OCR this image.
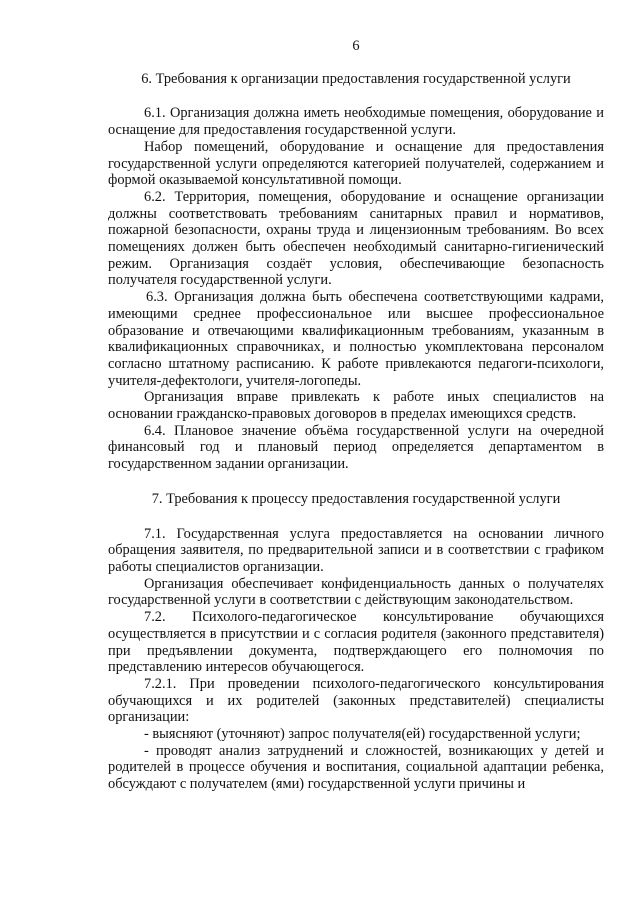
6
6. Требования к организации предоставления государственной услуги

6.1. Организация должна иметь необходимые помещения, оборудование и оснащение для предоставления государственной услуги.

Набор помещений, оборудование и оснащение для предоставления государственной услуги определяются категорией получателей, содержанием и формой оказываемой консультативной помощи.

6.2. Территория, помещения, оборудование и оснащение организации должны соответствовать требованиям санитарных правил и нормативов, пожарной безопасности, охраны труда и лицензионным требованиям. Во всех помещениях должен быть обеспечен необходимый санитарно-гигиенический режим. Организация создаёт условия, обеспечивающие безопасность получателя государственной услуги.

6.3. Организация должна быть обеспечена соответствующими кадрами, имеющими среднее профессиональное или высшее профессиональное образование и отвечающими квалификационным требованиям, указанным в квалификационных справочниках, и полностью укомплектована персоналом согласно штатному расписанию. К работе привлекаются педагоги-психологи, учителя-дефектологи, учителя-логопеды.

Организация вправе привлекать к работе иных специалистов на основании гражданско-правовых договоров в пределах имеющихся средств.

6.4. Плановое значение объёма государственной услуги на очередной финансовый год и плановый период определяется департаментом в государственном задании организации.

7. Требования к процессу предоставления государственной услуги

7.1. Государственная услуга предоставляется на основании личного обращения заявителя, по предварительной записи и в соответствии с графиком работы специалистов организации.

Организация обеспечивает конфиденциальность данных о получателях государственной услуги в соответствии с действующим законодательством.

7.2. Психолого-педагогическое консультирование обучающихся осуществляется в присутствии и с согласия родителя (законного представителя) при предъявлении документа, подтверждающего его полномочия по представлению интересов обучающегося.

7.2.1. При проведении психолого-педагогического консультирования обучающихся и их родителей (законных представителей) специалисты организации:

- выясняют (уточняют) запрос получателя(ей) государственной услуги;

- проводят анализ затруднений и сложностей, возникающих у детей и родителей в процессе обучения и воспитания, социальной адаптации ребенка, обсуждают с получателем (ями) государственной услуги причины и
